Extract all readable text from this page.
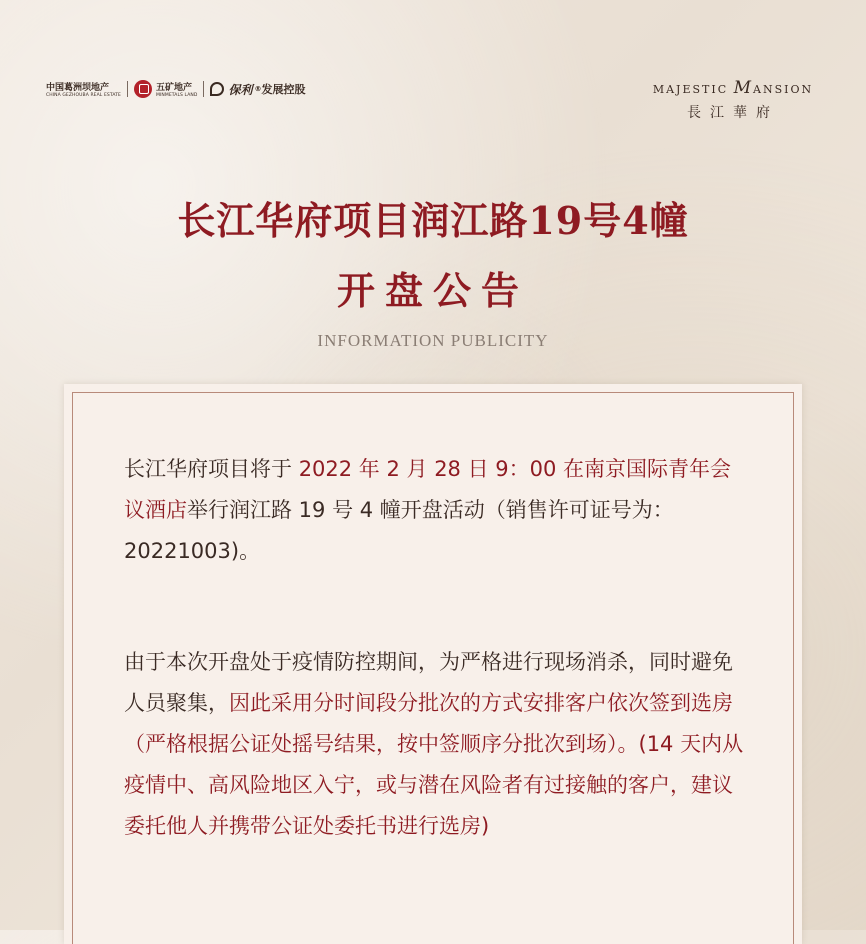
中国葛洲坝地产
CHINA GEZHOUBA REAL ESTATE
五矿地产
MINMETALS LAND	保利 ® 发展控股	MAJESTIC MANSION
長江華府
长江华府项目润江路19号4幢
开盘公告
INFORMATION PUBLICITY
长江华府项目将于 2022 年 2 月 28 日 9：00 在南京国际青年会议酒店举行润江路 19 号 4 幢开盘活动（销售许可证号为：20221003)。
由于本次开盘处于疫情防控期间，为严格进行现场消杀，同时避免人员聚集，因此采用分时间段分批次的方式安排客户依次签到选房（严格根据公证处摇号结果，按中签顺序分批次到场）。(14 天内从疫情中、高风险地区入宁，或与潜在风险者有过接触的客户，建议委托他人并携带公证处委托书进行选房)
